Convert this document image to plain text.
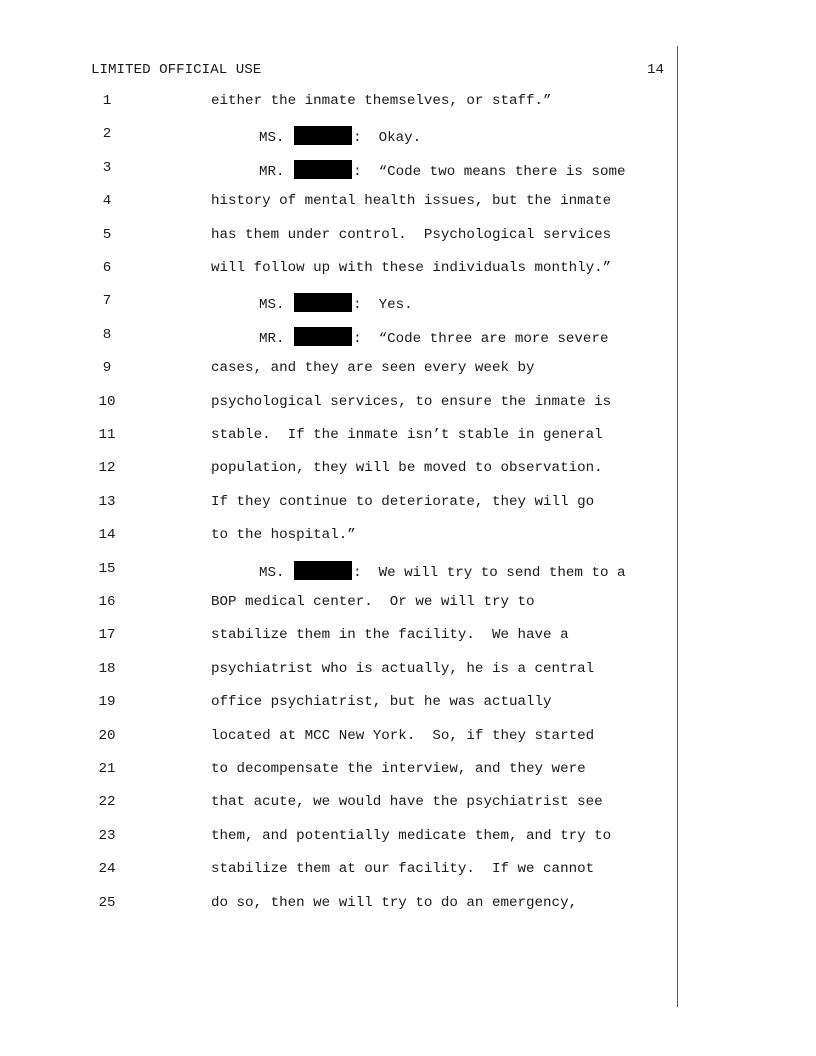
LIMITED OFFICIAL USE	14
1	either the inmate themselves, or staff.”
2	MS.	:  Okay.
3	MR.	:  “Code two means there is some
4	history of mental health issues, but the inmate
5	has them under control.  Psychological services
6	will follow up with these individuals monthly.”
7	MS.	:  Yes.
8	MR.	:  “Code three are more severe
9	cases, and they are seen every week by
10	psychological services, to ensure the inmate is
11	stable.  If the inmate isn’t stable in general
12	population, they will be moved to observation.
13	If they continue to deteriorate, they will go
14	to the hospital.”
15	MS.	:  We will try to send them to a
16	BOP medical center.  Or we will try to
17	stabilize them in the facility.  We have a
18	psychiatrist who is actually, he is a central
19	office psychiatrist, but he was actually
20	located at MCC New York.  So, if they started
21	to decompensate the interview, and they were
22	that acute, we would have the psychiatrist see
23	them, and potentially medicate them, and try to
24	stabilize them at our facility.  If we cannot
25	do so, then we will try to do an emergency,
